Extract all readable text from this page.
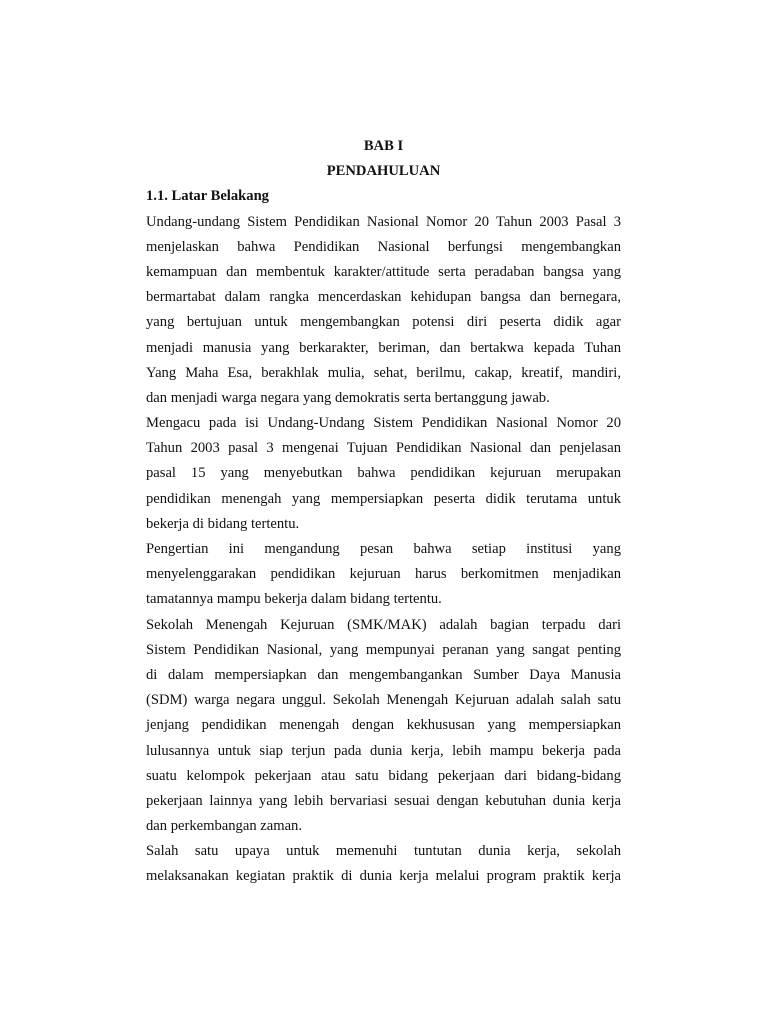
BAB I

PENDAHULUAN

1.1. Latar Belakang

Undang-undang Sistem Pendidikan Nasional Nomor 20 Tahun 2003 Pasal 3
menjelaskan bahwa Pendidikan Nasional berfungsi mengembangkan
kemampuan dan membentuk karakter/attitude serta peradaban bangsa yang
bermartabat dalam rangka mencerdaskan kehidupan bangsa dan bernegara,
yang bertujuan untuk mengembangkan potensi diri peserta didik agar
menjadi manusia yang berkarakter, beriman, dan bertakwa kepada Tuhan
Yang Maha Esa, berakhlak mulia, sehat, berilmu, cakap, kreatif, mandiri,
dan menjadi warga negara yang demokratis serta bertanggung jawab.
Mengacu pada isi Undang-Undang Sistem Pendidikan Nasional Nomor 20
Tahun 2003 pasal 3 mengenai Tujuan Pendidikan Nasional dan penjelasan
pasal 15 yang menyebutkan bahwa pendidikan kejuruan merupakan
pendidikan menengah yang mempersiapkan peserta didik terutama untuk
bekerja di bidang tertentu.
Pengertian ini mengandung pesan bahwa setiap institusi yang
menyelenggarakan pendidikan kejuruan harus berkomitmen menjadikan
tamatannya mampu bekerja dalam bidang tertentu.
Sekolah Menengah Kejuruan (SMK/MAK) adalah bagian terpadu dari
Sistem Pendidikan Nasional, yang mempunyai peranan yang sangat penting
di dalam mempersiapkan dan mengembangankan Sumber Daya Manusia
(SDM) warga negara unggul. Sekolah Menengah Kejuruan adalah salah satu
jenjang pendidikan menengah dengan kekhususan yang mempersiapkan
lulusannya untuk siap terjun pada dunia kerja, lebih mampu bekerja pada
suatu kelompok pekerjaan atau satu bidang pekerjaan dari bidang-bidang
pekerjaan lainnya yang lebih bervariasi sesuai dengan kebutuhan dunia kerja
dan perkembangan zaman.
Salah satu upaya untuk memenuhi tuntutan dunia kerja, sekolah
melaksanakan kegiatan praktik di dunia kerja melalui program praktik kerja
